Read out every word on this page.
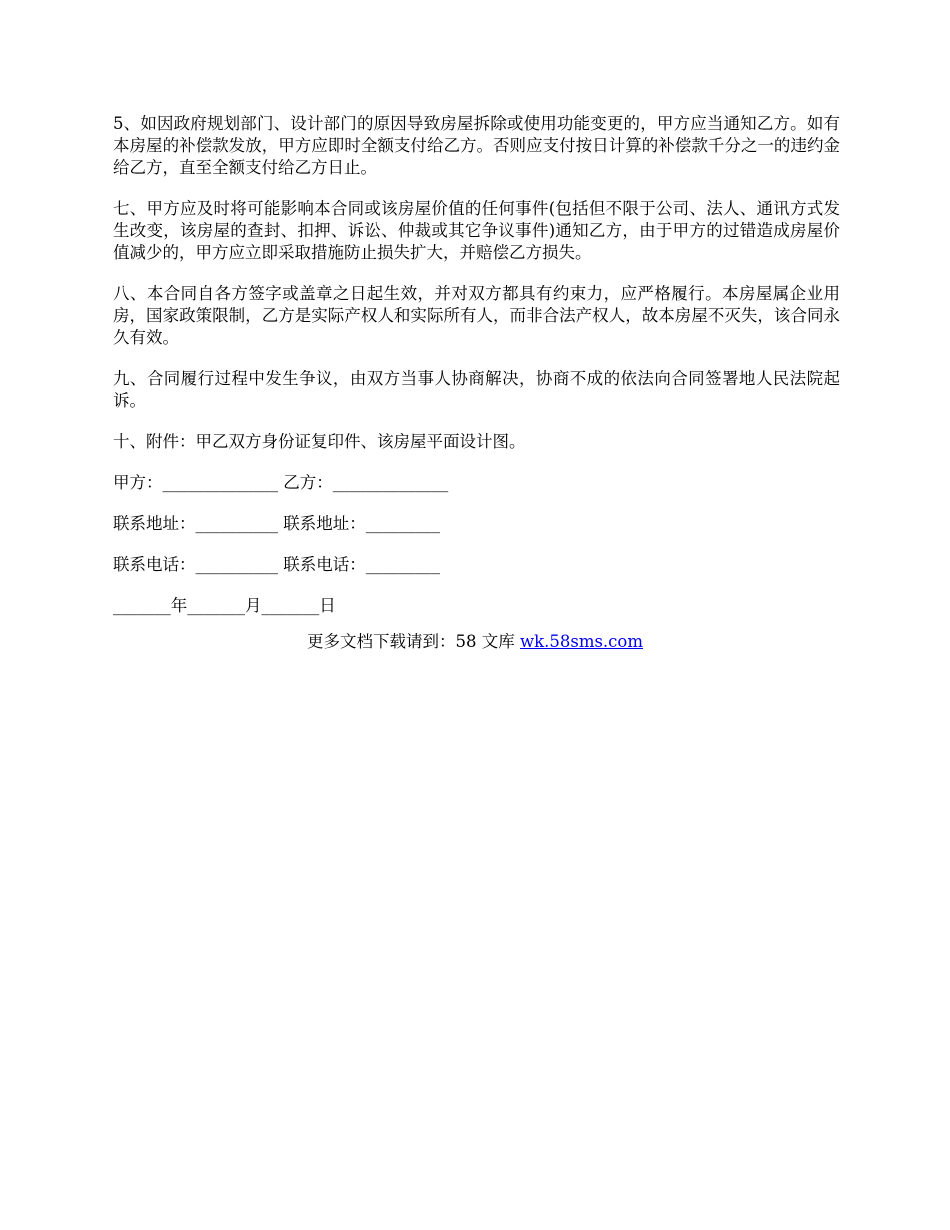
5、如因政府规划部门、设计部门的原因导致房屋拆除或使用功能变更的，甲方应当通知乙方。如有本房屋的补偿款发放，甲方应即时全额支付给乙方。否则应支付按日计算的补偿款千分之一的违约金给乙方，直至全额支付给乙方日止。

七、甲方应及时将可能影响本合同或该房屋价值的任何事件(包括但不限于公司、法人、通讯方式发生改变，该房屋的查封、扣押、诉讼、仲裁或其它争议事件)通知乙方，由于甲方的过错造成房屋价值减少的，甲方应立即采取措施防止损失扩大，并赔偿乙方损失。

八、本合同自各方签字或盖章之日起生效，并对双方都具有约束力，应严格履行。本房屋属企业用房，国家政策限制，乙方是实际产权人和实际所有人，而非合法产权人，故本房屋不灭失，该合同永久有效。

九、合同履行过程中发生争议，由双方当事人协商解决，协商不成的依法向合同签署地人民法院起诉。

十、附件：甲乙双方身份证复印件、该房屋平面设计图。

甲方：______________ 乙方：______________
联系地址：__________ 联系地址：_________
联系电话：__________ 联系电话：_________
_______年_______月_______日
更多文档下载请到：58 文库 wk.58sms.com
